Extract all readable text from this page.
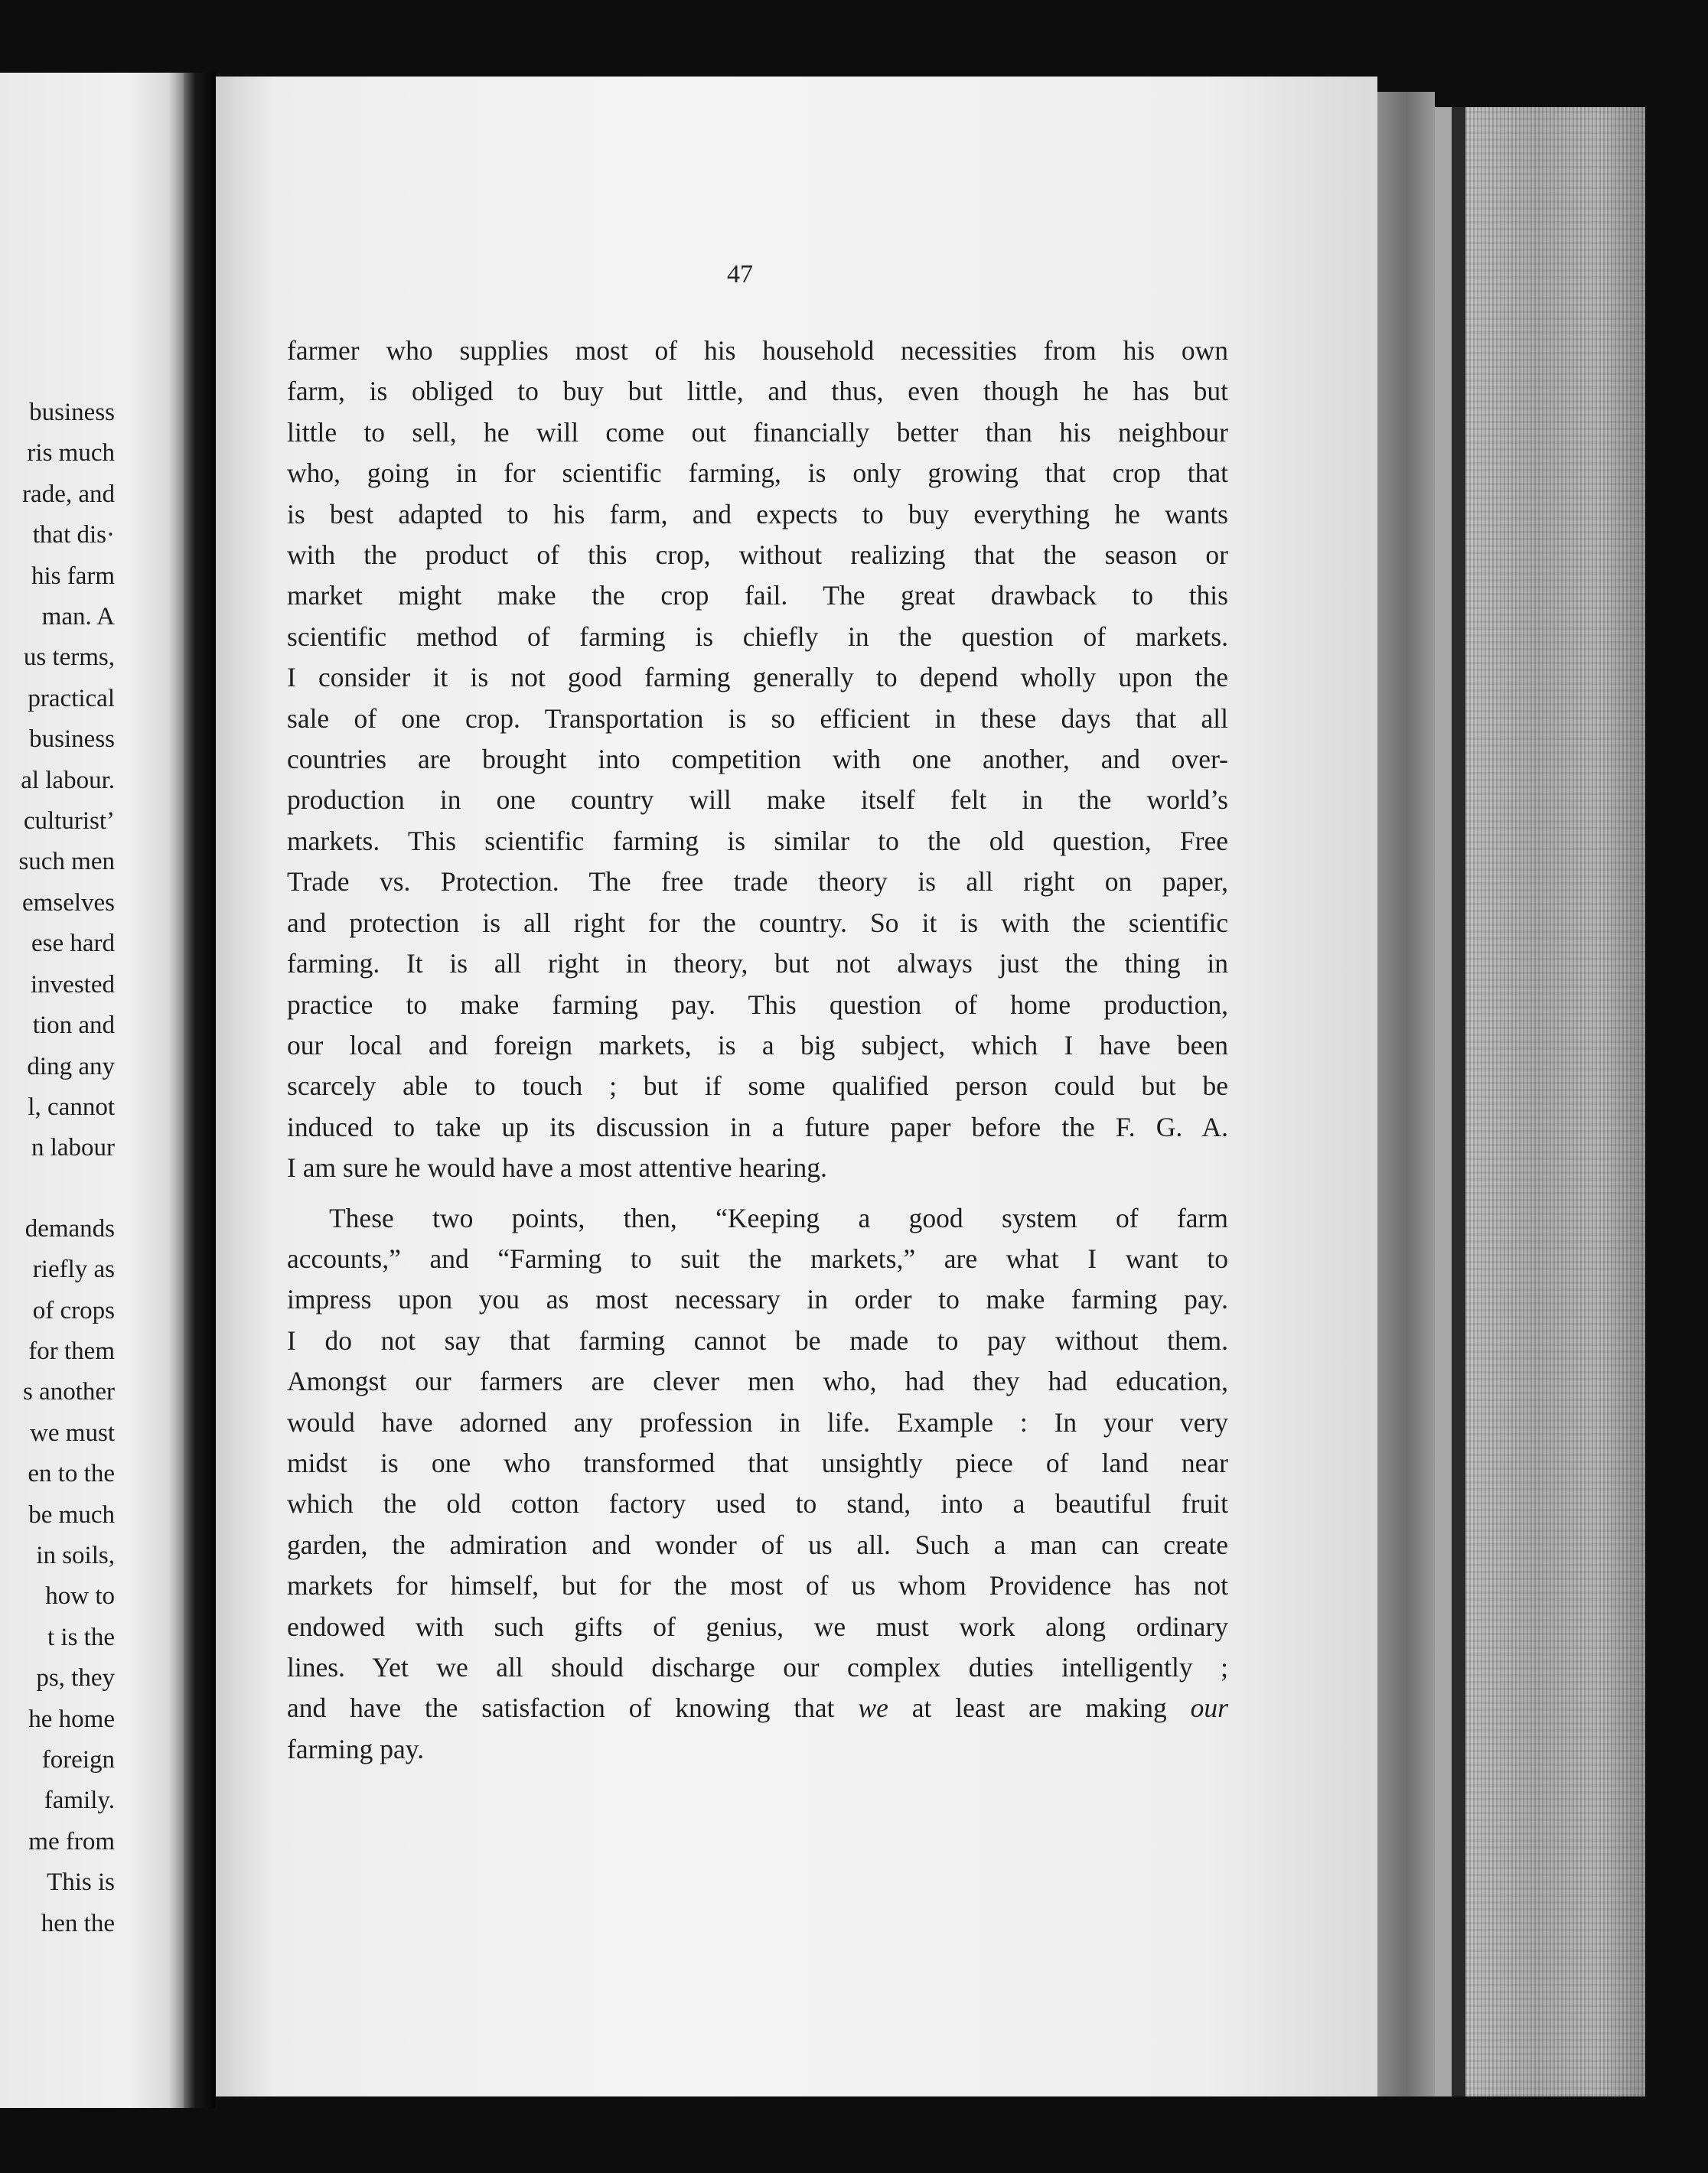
business
ris much
rade, and
that dis·
his farm
man. A
us terms,
practical
business
al labour.
culturist’
such men
emselves
ese hard
invested
tion and
ding any
l, cannot
n labour
demands
riefly as
of crops
for them
s another
we must
en to the
be much
in soils,
how to
t is the
ps, they
he home
foreign
family.
me from
This is
hen the
47
farmer who supplies most of his household necessities from his own
farm, is obliged to buy but little, and thus, even though he has but
little to sell, he will come out financially better than his neighbour
who, going in for scientific farming, is only growing that crop that
is best adapted to his farm, and expects to buy everything he wants
with the product of this crop, without realizing that the season or
market might make the crop fail. The great drawback to this
scientific method of farming is chiefly in the question of markets.
I consider it is not good farming generally to depend wholly upon the
sale of one crop. Transportation is so efficient in these days that all
countries are brought into competition with one another, and over-
production in one country will make itself felt in the world’s
markets. This scientific farming is similar to the old question, Free
Trade vs. Protection. The free trade theory is all right on paper,
and protection is all right for the country. So it is with the scientific
farming. It is all right in theory, but not always just the thing in
practice to make farming pay. This question of home production,
our local and foreign markets, is a big subject, which I have been
scarcely able to touch ; but if some qualified person could but be
induced to take up its discussion in a future paper before the F. G. A.
I am sure he would have a most attentive hearing.
These two points, then, “Keeping a good system of farm
accounts,” and “Farming to suit the markets,” are what I want to
impress upon you as most necessary in order to make farming pay.
I do not say that farming cannot be made to pay without them.
Amongst our farmers are clever men who, had they had education,
would have adorned any profession in life. Example : In your very
midst is one who transformed that unsightly piece of land near
which the old cotton factory used to stand, into a beautiful fruit
garden, the admiration and wonder of us all. Such a man can create
markets for himself, but for the most of us whom Providence has not
endowed with such gifts of genius, we must work along ordinary
lines. Yet we all should discharge our complex duties intelligently ;
and have the satisfaction of knowing that we at least are making our
farming pay.
